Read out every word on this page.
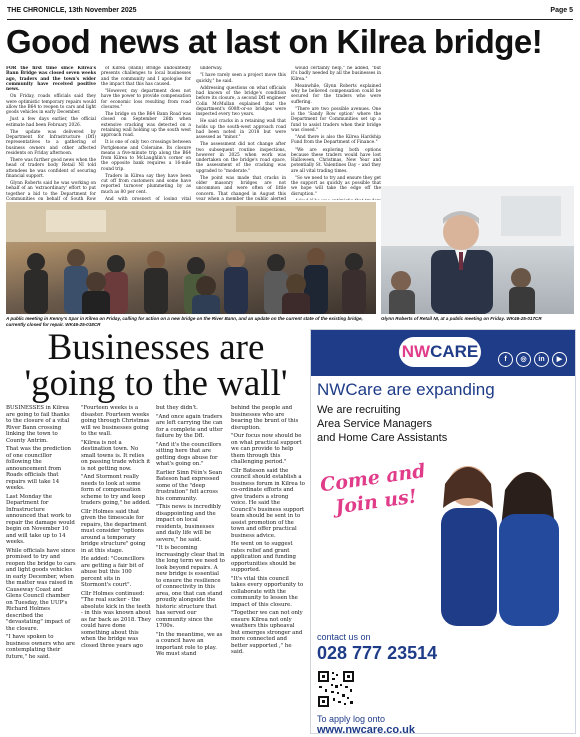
THE CHRONICLE, 13th November 2025	Page 5
Good news at last on Kilrea bridge!

FOR the first time since Kilrea's Bann Bridge was closed seven weeks ago, traders and the town's wider community have received positive news.

On Friday, roads officials said they were optimistic temporary repairs would allow the B64 to reopen to cars and light goods vehicles in early December.

Just a few days earlier, the official estimate had been February 2026.

The update was delivered by Department for Infrastructure (DfI) representatives to a gathering of business owners and other affected residents on Friday afternoon.

There was further good news when the head of traders body Retail NI told attendees he was confident of securing financial support.

Glynn Roberts said he was working on behalf of an 'extraordinary' effort to put together a bid to the Department for Communities on behalf of South Row

of Kilrea (Bann) Bridge undoubtedly presents challenges to local businesses and the community and I apologise for the impact that this has caused.

"However, my department does not have the power to provide compensation for economic loss resulting from road closures."

The bridge on the B64 Bann Road was closed on September 26th when extensive cracking was detected on a retaining wall holding up the south west approach road.

It is one of only two crossings between Portglenone and Coleraine. Its closure means a five-minute trip along the B64 from Kilrea to McLaughlin's corner on the opposite bank requires a 16-mile round trip.

Traders in Kilrea say they have been cut off from customers and some have reported turnover plummeting by as much as 80 per cent.

And with prospect of losing vital

underway.

"I have rarely seen a project move this quickly," he said.

Addressing questions on what officials had known of the bridge's condition before its closure, a second DfI engineer Colin McMullan explained that the department's 600ft-or-so bridges were inspected every two years.

He said cracks in a retaining wall that holds up the south-west approach road had been noted in 2018 but were assessed as "minor."

The assessment did not change after two subsequent routine inspections, however in 2025 when work was undertaken on the bridge's road space, the assessment of the cracking was upgraded to "moderate."

The point was made that cracks in older masonry bridges are not uncommon and were often of little concern. That changed in August this year when a member the public alerted

would certainly help," he added, "but it's badly needed by all the businesses in Kilrea."

Meanwhile, Glynn Roberts explained why he believed compensation could be secured for the traders who were suffering.

"There are two possible avenues. One is the 'Sandy Row option' where the Department for Communities set up a fund to assist traders when their bridge was closed."

"And there is also the Kilrea Hardship Fund from the Department of Finance."

"We are exploring both options because these traders would have lost Halloween, Christmas, New Year and potentially St. Valentines Day – and they are all vital trading times.

"So we need to try and ensure they get the support as quickly as possible that we hope will take the edge off the disruption."

A public meeting in Kenny's Spar in Kilrea on Friday, calling for action on a new bridge on the River Bann, and an update on the current state of the existing bridge, currently closed for repair. WK46-25-018CR
Glynn Roberts of Retail NI, at a public meeting on Friday. WK46-25-017CR
Businesses are 'going to the wall'

BUSINESSES in Kilrea are going to fail thanks to the closure of a vital River Bann crossing linking the town to County Antrim.

That was the prediction of one councillor following the announcement from Roads officials that repairs will take 14 weeks.

Last Monday the Department for Infrastructure announced that work to repair the damage would begin on November 10 and will take up to 14 weeks.

While officials have since promised to try and reopen the bridge to cars and light goods vehicles in early December, when the matter was raised in Causeway Coast and Glens Council chamber on Tuesday, the UUP's Richard Holmes described the "devastating" impact of the closure.

"I have spoken to business owners who are contemplating their future," he said.

"Fourteen weeks is a disaster. Fourteen weeks going through Christmas will we businesses going to the wall.

"Kilrea is not a destination town. No small towns is. It relies on passing trade which it is not getting now.

"And Stormont really needs to look at some form of compensation scheme to try and keep traders going," he added.

Cllr Holmes said that given the timescale for repairs, the department must consider "options around a temporary bridge structure" going in at this stage.

He added: "Councillors are getting a fair bit of abuse but this 100 percent sits in Stormont's court".

Cllr Holmes continued: "The real sucker - the absolute kick in the teeth - in this was known about as far back as 2018. They could have done something about this when the bridge was closed three years ago

but they didn't.

"And once again traders are left carrying the can for a complete and utter failure by the DfI.

"And it's the councillors sitting here that are getting dogs abuse for what's going on."

Earlier Sinn Féin's Sean Bateson had expressed some of the "deep frustration" felt across his community.

"This news is incredibly disappointing and the impact on local residents, businesses and daily life will be severe," he said.

"It is becoming increasingly clear that in the long term we need to look beyond repairs. A new bridge is essential to ensure the resilience of connectivity in this area, one that can stand proudly alongside the historic structure that has served our community since the 1700s.

"In the meantime, we as a council have an important role to play. We must stand

behind the people and businesses who are bearing the brunt of this disruption.

"Our focus now should be on what practical support we can provide to help them through this challenging period."

Cllr Bateson said the council should establish a business forum in Kilrea to co-ordinate efforts and give traders a strong voice. He said the Council's business support team should be sent in to assist promotion of the town and offer practical business advice.

He went on to suggest rates relief and grant application and funding opportunities should be supported.

"It's vital this council takes every opportunity to collaborate with the community to lessen the impact of this closure.

"Together we can not only ensure Kilrea not only weathers this upheaval but emerges stronger and more connected and better supported ," he said.

NWCARE	f ◎ in ▶
NWCare are expanding
We are recruiting
Area Service Managers
and Home Care Assistants
Come and Join us!
contact us on
028 777 23514
To apply log onto
www.nwcare.co.uk
